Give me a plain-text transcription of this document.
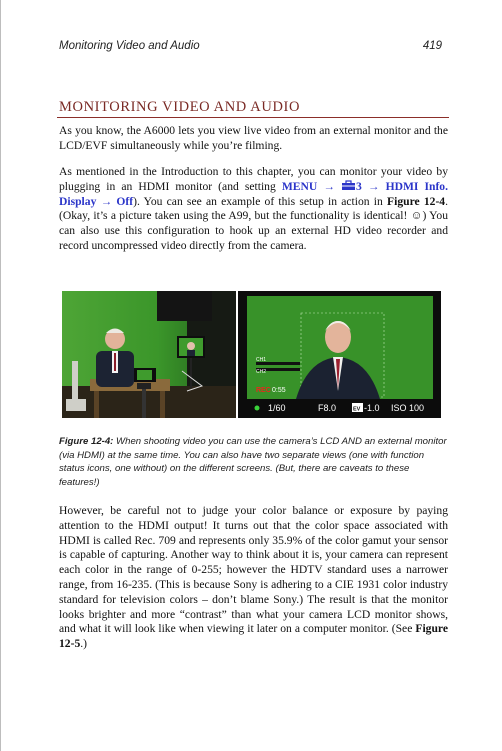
Monitoring Video and Audio	419
MONITORING VIDEO AND AUDIO

As you know, the A6000 lets you view live video from an external monitor and the LCD/EVF simultaneously while you’re filming.

As mentioned in the Introduction to this chapter, you can monitor your video by plugging in an HDMI monitor (and setting MENU → 3 → HDMI Info. Display → Off). You can see an example of this setup in action in Figure 12-4. (Okay, it’s a picture taken using the A99, but the functionality is identical! ☺) You can also use this configuration to hook up an external HD video recorder and record uncompressed video directly from the camera.

CH1
CH2
REC 0:55
1/60	F8.0	EV -1.0 ISO 100

Figure 12-4: When shooting video you can use the camera’s LCD AND an external monitor (via HDMI) at the same time. You can also have two separate views (one with function status icons, one without) on the different screens. (But, there are caveats to these features!)

However, be careful not to judge your color balance or exposure by paying attention to the HDMI output! It turns out that the color space associated with HDMI is called Rec. 709 and represents only 35.9% of the color gamut your sensor is capable of capturing. Another way to think about it is, your camera can represent each color in the range of 0-255; however the HDTV standard uses a narrower range, from 16-235. (This is because Sony is adhering to a CIE 1931 color industry standard for television colors – don’t blame Sony.) The result is that the monitor looks brighter and more “contrast” than what your camera LCD monitor shows, and what it will look like when viewing it later on a computer monitor. (See Figure 12-5.)
